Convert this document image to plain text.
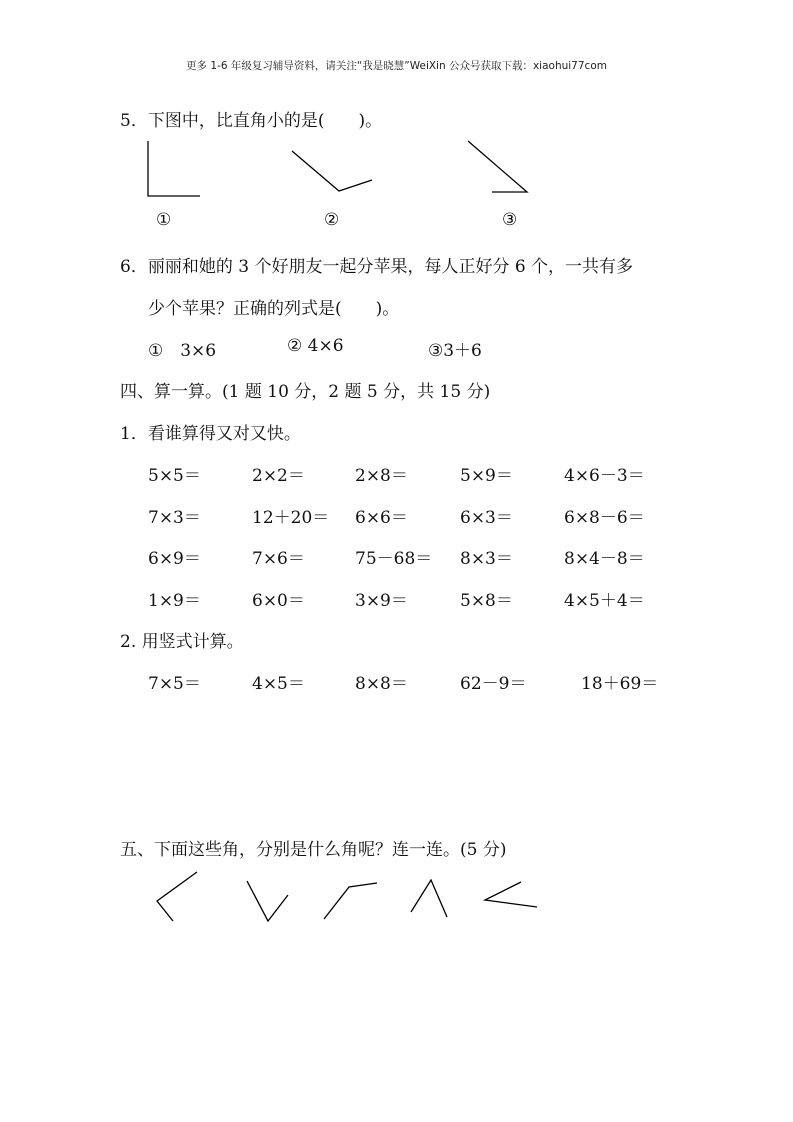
更多 1-6 年级复习辅导资料，请关注“我是晓慧”WeiXin 公众号获取下载：xiaohui77com
5．下图中，比直角小的是(　　)。
①	②	③
6．丽丽和她的 3 个好朋友一起分苹果，每人正好分 6 个，一共有多
少个苹果？正确的列式是(　　)。
①　3×6	② 4×6	③3＋6
四、算一算。(1 题 10 分，2 题 5 分，共 15 分)
1．看谁算得又对又快。
5×5＝	2×2＝	2×8＝	5×9＝	4×6－3＝
7×3＝	12＋20＝ 6×6＝	6×3＝	6×8－6＝
6×9＝	7×6＝	75－68＝ 8×3＝	8×4－8＝
1×9＝	6×0＝	3×9＝	5×8＝	4×5＋4＝
2. 用竖式计算。
7×5＝	4×5＝	8×8＝	62－9＝	18＋69＝
五、下面这些角，分别是什么角呢？连一连。(5 分)
